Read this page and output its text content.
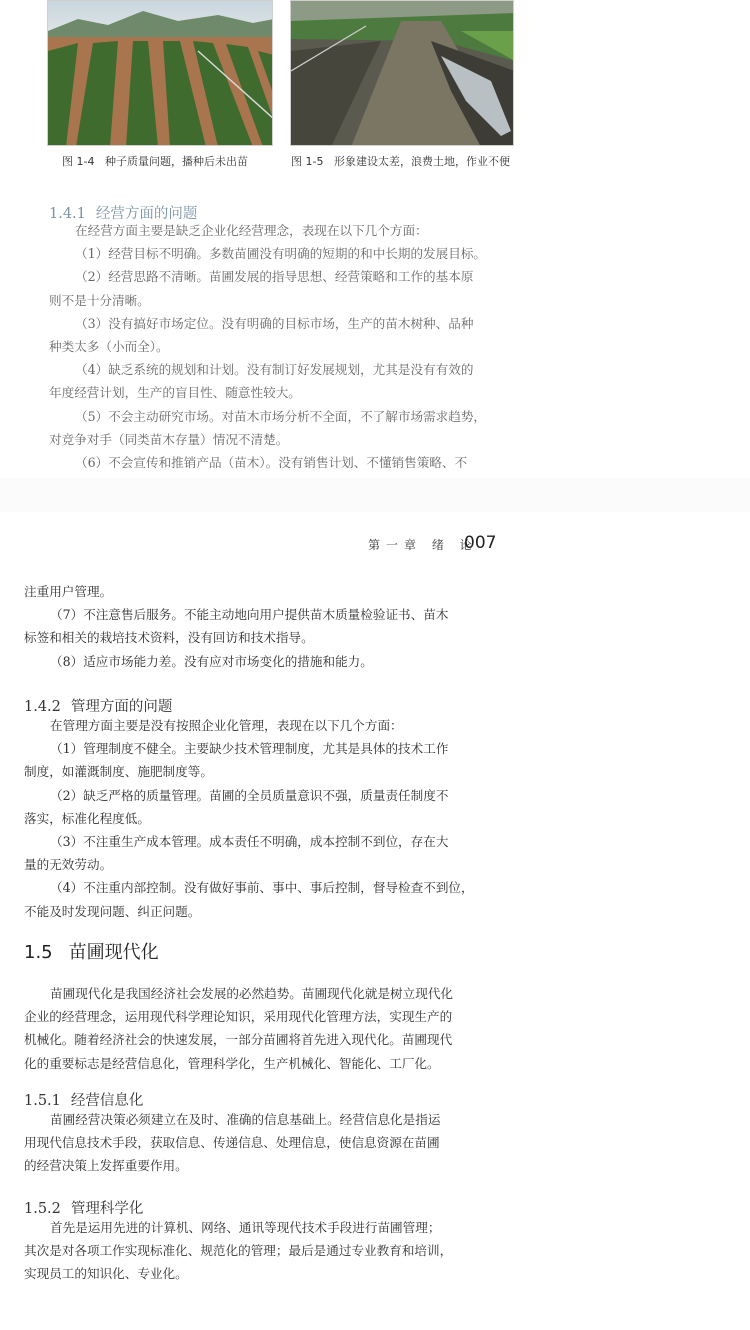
图 1-4 种子质量问题，播种后未出苗	图 1-5 形象建设太差，浪费土地，作业不便
1.4.1 经营方面的问题

在经营方面主要是缺乏企业化经营理念，表现在以下几个方面：

（1）经营目标不明确。多数苗圃没有明确的短期的和中长期的发展目标。

（2）经营思路不清晰。苗圃发展的指导思想、经营策略和工作的基本原

则不是十分清晰。

（3）没有搞好市场定位。没有明确的目标市场，生产的苗木树种、品种

种类太多（小而全）。

（4）缺乏系统的规划和计划。没有制订好发展规划，尤其是没有有效的

年度经营计划，生产的盲目性、随意性较大。

（5）不会主动研究市场。对苗木市场分析不全面，不了解市场需求趋势，

对竞争对手（同类苗木存量）情况不清楚。

（6）不会宣传和推销产品（苗木）。没有销售计划、不懂销售策略、不

第一章 绪 论
007

注重用户管理。

（7）不注意售后服务。不能主动地向用户提供苗木质量检验证书、苗木

标签和相关的栽培技术资料，没有回访和技术指导。

（8）适应市场能力差。没有应对市场变化的措施和能力。

1.4.2 管理方面的问题

在管理方面主要是没有按照企业化管理，表现在以下几个方面：

（1）管理制度不健全。主要缺少技术管理制度，尤其是具体的技术工作

制度，如灌溉制度、施肥制度等。

（2）缺乏严格的质量管理。苗圃的全员质量意识不强，质量责任制度不

落实，标准化程度低。

（3）不注重生产成本管理。成本责任不明确，成本控制不到位，存在大

量的无效劳动。

（4）不注重内部控制。没有做好事前、事中、事后控制，督导检查不到位，

不能及时发现问题、纠正问题。

1.5 苗圃现代化

苗圃现代化是我国经济社会发展的必然趋势。苗圃现代化就是树立现代化

企业的经营理念，运用现代科学理论知识，采用现代化管理方法，实现生产的

机械化。随着经济社会的快速发展，一部分苗圃将首先进入现代化。苗圃现代

化的重要标志是经营信息化，管理科学化，生产机械化、智能化、工厂化。

1.5.1 经营信息化

苗圃经营决策必须建立在及时、准确的信息基础上。经营信息化是指运

用现代信息技术手段，获取信息、传递信息、处理信息，使信息资源在苗圃

的经营决策上发挥重要作用。

1.5.2 管理科学化

首先是运用先进的计算机、网络、通讯等现代技术手段进行苗圃管理；

其次是对各项工作实现标准化、规范化的管理；最后是通过专业教育和培训，

实现员工的知识化、专业化。
